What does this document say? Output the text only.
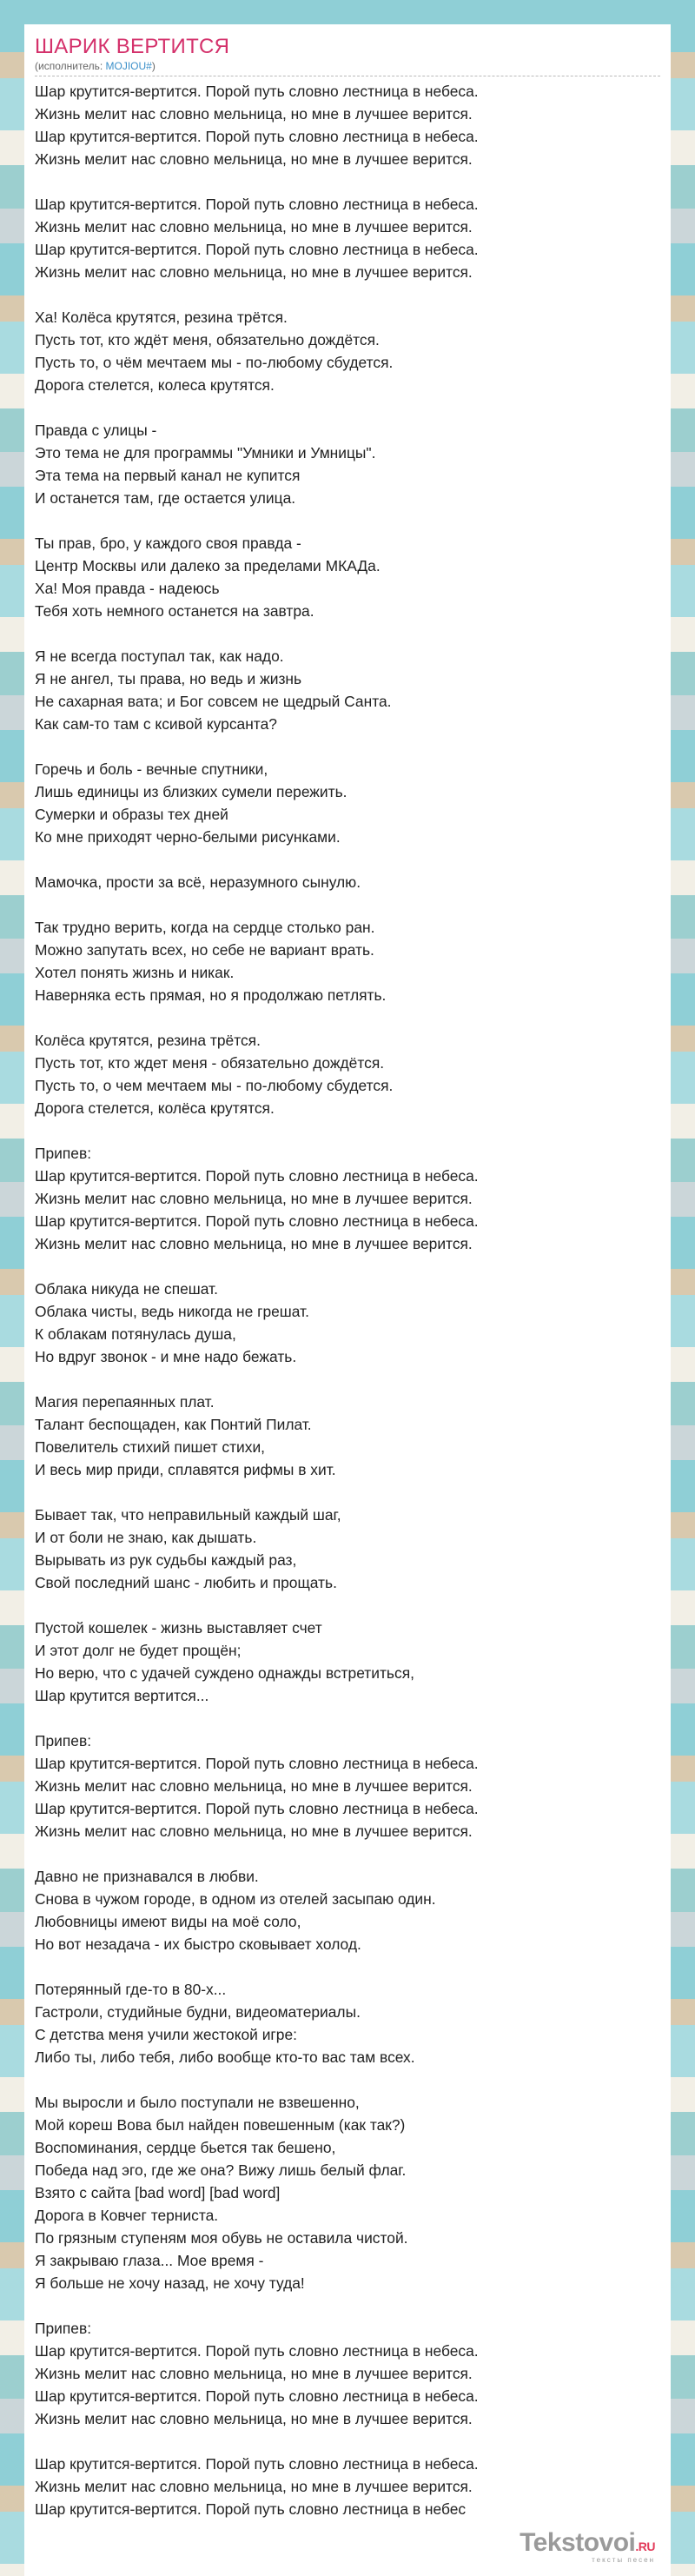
ШАРИК ВЕРТИТСЯ
(исполнитель: MOJIOU#)
Шар крутится-вертится. Порой путь словно лестница в небеса.
Жизнь мелит нас словно мельница, но мне в лучшее верится.
Шар крутится-вертится. Порой путь словно лестница в небеса.
Жизнь мелит нас словно мельница, но мне в лучшее верится.
Шар крутится-вертится. Порой путь словно лестница в небеса.
Жизнь мелит нас словно мельница, но мне в лучшее верится.
Шар крутится-вертится. Порой путь словно лестница в небеса.
Жизнь мелит нас словно мельница, но мне в лучшее верится.
Ха! Колёса крутятся, резина трётся.
Пусть тот, кто ждёт меня, обязательно дождётся.
Пусть то, о чём мечтаем мы - по-любому сбудется.
Дорога стелется, колеса крутятся.
Правда с улицы -
Это тема не для программы "Умники и Умницы".
Эта тема на первый канал не купится
И останется там, где остается улица.
Ты прав, бро, у каждого своя правда -
Центр Москвы или далеко за пределами МКАДа.
Ха! Моя правда - надеюсь
Тебя хоть немного останется на завтра.
Я не всегда поступал так, как надо.
Я не ангел, ты права, но ведь и жизнь
Не сахарная вата; и Бог совсем не щедрый Санта.
Как сам-то там с ксивой курсанта?
Горечь и боль - вечные спутники,
Лишь единицы из близких сумели пережить.
Сумерки и образы тех дней
Ко мне приходят черно-белыми рисунками.
Мамочка, прости за всё, неразумного сынулю.
Так трудно верить, когда на сердце столько ран.
Можно запутать всех, но себе не вариант врать.
Хотел понять жизнь и никак.
Наверняка есть прямая, но я продолжаю петлять.
Колёса крутятся, резина трётся.
Пусть тот, кто ждет меня - обязательно дождётся.
Пусть то, о чем мечтаем мы - по-любому сбудется.
Дорога стелется, колёса крутятся.
Припев:
Шар крутится-вертится. Порой путь словно лестница в небеса.
Жизнь мелит нас словно мельница, но мне в лучшее верится.
Шар крутится-вертится. Порой путь словно лестница в небеса.
Жизнь мелит нас словно мельница, но мне в лучшее верится.
Облака никуда не спешат.
Облака чисты, ведь никогда не грешат.
К облакам потянулась душа,
Но вдруг звонок - и мне надо бежать.
Магия перепаянных плат.
Талант беспощаден, как Понтий Пилат.
Повелитель стихий пишет стихи,
И весь мир приди, сплавятся рифмы в хит.
Бывает так, что неправильный каждый шаг,
И от боли не знаю, как дышать.
Вырывать из рук судьбы каждый раз,
Свой последний шанс - любить и прощать.
Пустой кошелек - жизнь выставляет счет
И этот долг не будет прощён;
Но верю, что с удачей суждено однажды встретиться,
Шар крутится вертится...
Припев:
Шар крутится-вертится. Порой путь словно лестница в небеса.
Жизнь мелит нас словно мельница, но мне в лучшее верится.
Шар крутится-вертится. Порой путь словно лестница в небеса.
Жизнь мелит нас словно мельница, но мне в лучшее верится.
Давно не признавался в любви.
Снова в чужом городе, в одном из отелей засыпаю один.
Любовницы имеют виды на моё соло,
Но вот незадача - их быстро сковывает холод.
Потерянный где-то в 80-х...
Гастроли, студийные будни, видеоматериалы.
С детства меня учили жестокой игре:
Либо ты, либо тебя, либо вообще кто-то вас там всех.
Мы выросли и было поступали не взвешенно,
Мой кореш Вова был найден повешенным (как так?)
Воспоминания, сердце бьется так бешено,
Победа над эго, где же она? Вижу лишь белый флаг.
Взято с сайта [bad word] [bad word]
Дорога в Ковчег терниста.
По грязным ступеням моя обувь не оставила чистой.
Я закрываю глаза... Мое время -
Я больше не хочу назад, не хочу туда!
Припев:
Шар крутится-вертится. Порой путь словно лестница в небеса.
Жизнь мелит нас словно мельница, но мне в лучшее верится.
Шар крутится-вертится. Порой путь словно лестница в небеса.
Жизнь мелит нас словно мельница, но мне в лучшее верится.
Шар крутится-вертится. Порой путь словно лестница в небеса.
Жизнь мелит нас словно мельница, но мне в лучшее верится.
Шар крутится-вертится. Порой путь словно лестница в небес
Tekstovoi.RU
тексты песен
